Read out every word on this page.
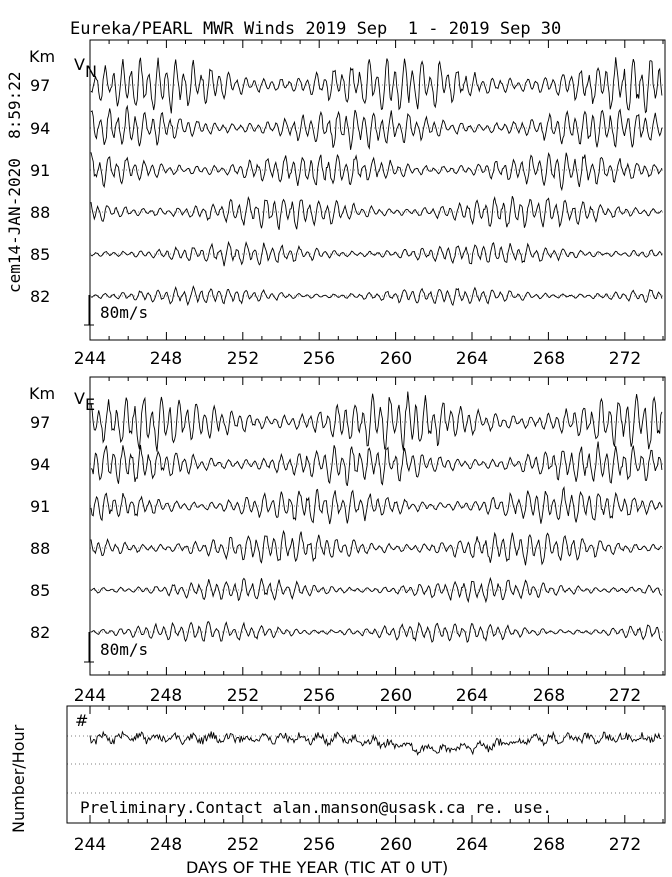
Eureka/PEARL MWR Winds 2019 Sep  1 - 2019 Sep 30
cem14-JAN-2020  8:59:22
VN
Km
97
94
91
88
85
82
80m/s
244	248	252	256	260	264	268	272
VE
Km
97
94
91
88
85
82
80m/s
244	248	252	256	260	264	268	272
#
Number/Hour	Preliminary.Contact alan.manson@usask.ca re. use.
244	248	252	256	260	264	268	272
DAYS OF THE YEAR (TIC AT 0 UT)
